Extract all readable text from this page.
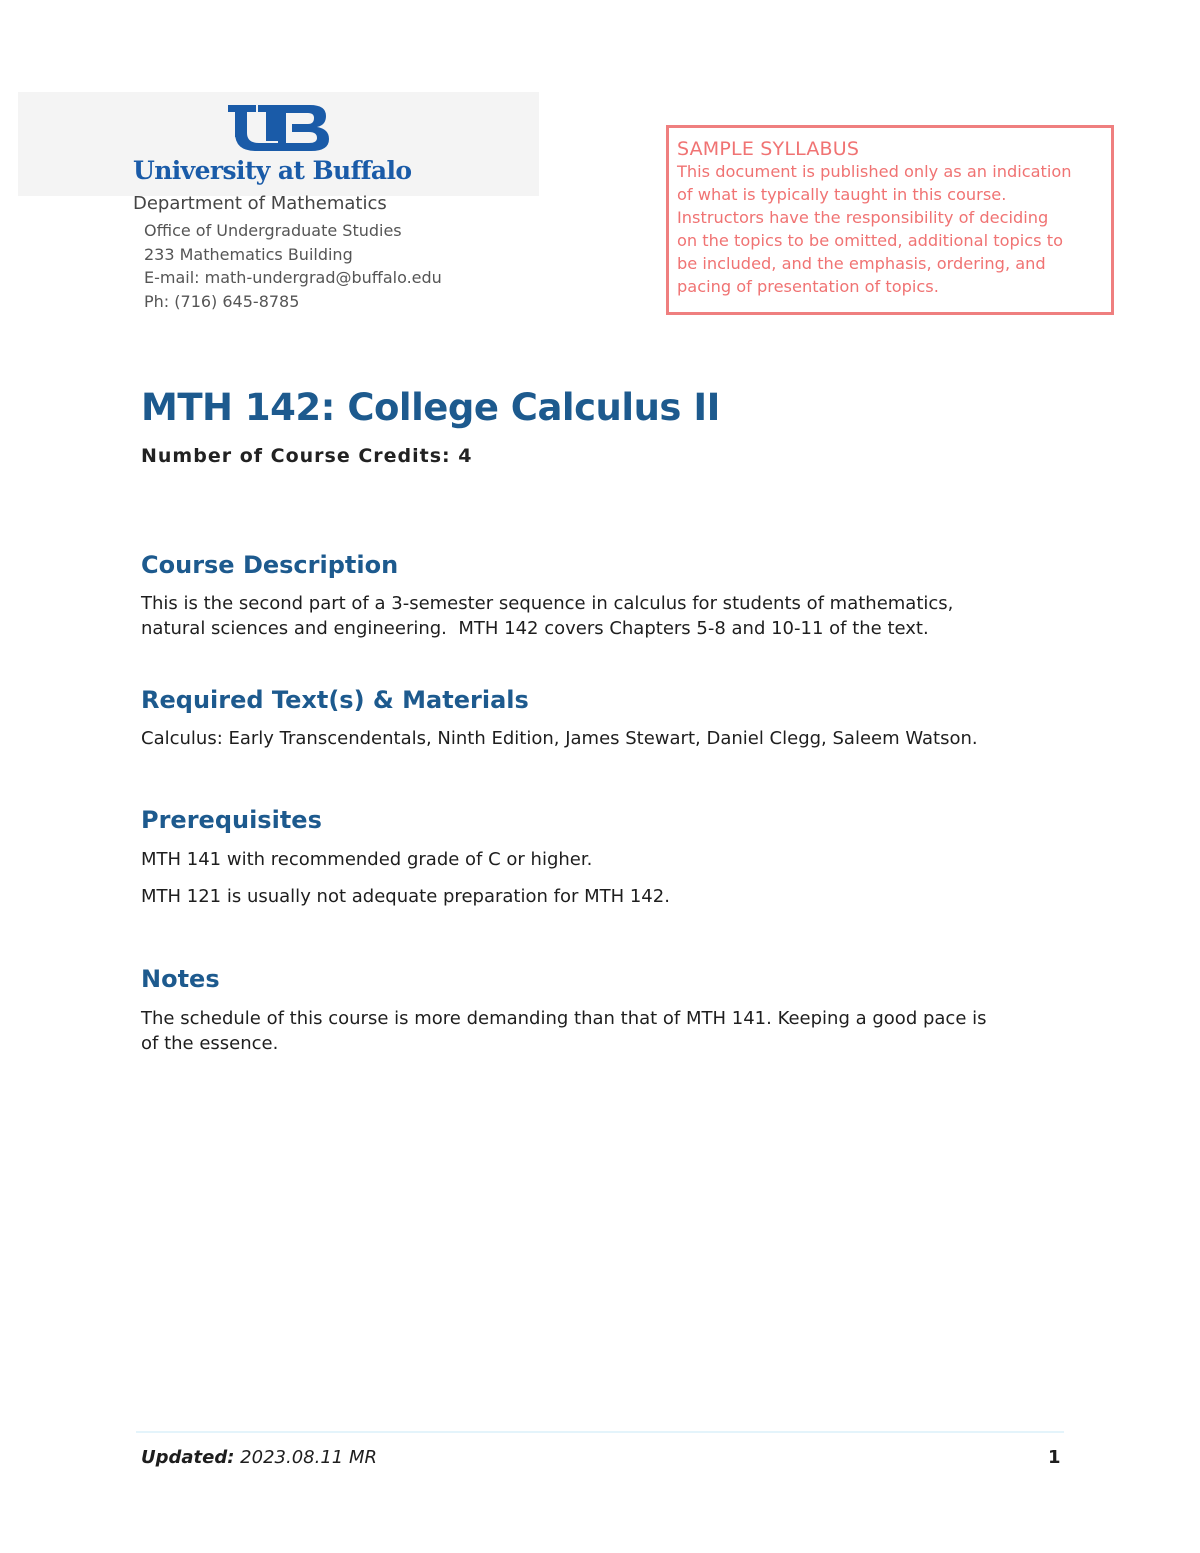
University at Buffalo
Department of Mathematics
Office of Undergraduate Studies
233 Mathematics Building
E-mail: math-undergrad@buffalo.edu
Ph: (716) 645-8785
SAMPLE SYLLABUS
This document is published only as an indication
of what is typically taught in this course.
Instructors have the responsibility of deciding
on the topics to be omitted, additional topics to
be included, and the emphasis, ordering, and
pacing of presentation of topics.
MTH 142: College Calculus II
Number of Course Credits: 4
Course Description
This is the second part of a 3-semester sequence in calculus for students of mathematics,
natural sciences and engineering.  MTH 142 covers Chapters 5-8 and 10-11 of the text.
Required Text(s) & Materials
Calculus: Early Transcendentals, Ninth Edition, James Stewart, Daniel Clegg, Saleem Watson.
Prerequisites
MTH 141 with recommended grade of C or higher.
MTH 121 is usually not adequate preparation for MTH 142.
Notes
The schedule of this course is more demanding than that of MTH 141. Keeping a good pace is
of the essence.
Updated: 2023.08.11 MR	1
